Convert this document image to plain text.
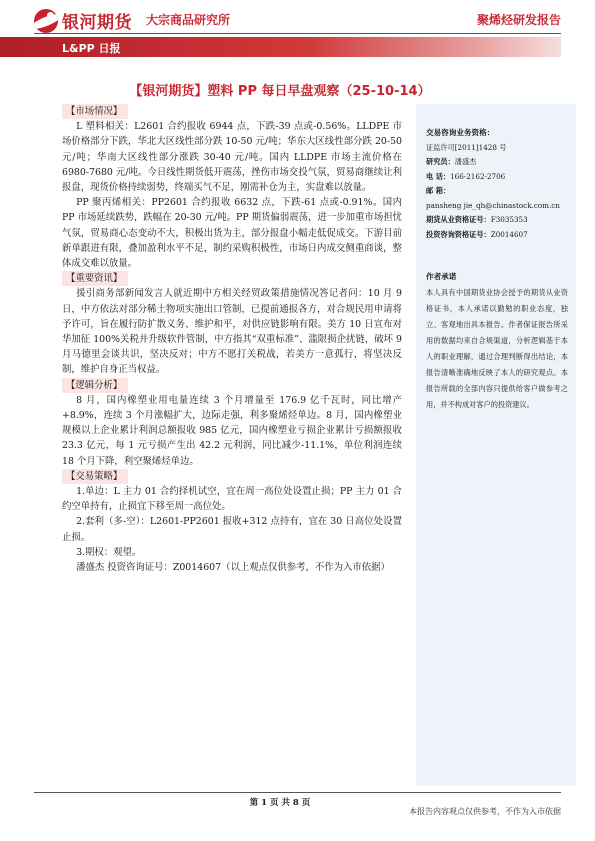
银河期货 大宗商品研究所	聚烯烃研发报告
L&PP 日报
【银河期货】塑料 PP 每日早盘观察（25-10-14）

【市场情况】

L 塑料相关：L2601 合约报收 6944 点，下跌-39 点或-0.56%。LLDPE 市场价格部分下跌，华北大区线性部分跌 10-50 元/吨；华东大区线性部分跌 20-50 元/吨；华南大区线性部分涨跌 30-40 元/吨。国内 LLDPE 市场主流价格在 6980-7680 元/吨。今日线性期货低开震荡，挫伤市场交投气氛，贸易商继续让利报盘，现货价格持续弱势，终端买气不足，刚需补仓为主，实盘难以放量。

PP 聚丙烯相关：PP2601 合约报收 6632 点，下跌-61 点或-0.91%。国内 PP 市场延续跌势，跌幅在 20-30 元/吨。PP 期货偏弱震荡，进一步加重市场担忧气氛，贸易商心态变动不大，积极出货为主，部分报盘小幅走低促成交。下游目前新单跟进有限，叠加盈利水平不足，制约采购积极性，市场日内成交侧重商谈，整体成交难以放量。

【重要资讯】

援引商务部新闻发言人就近期中方相关经贸政策措施情况答记者问：10 月 9 日，中方依法对部分稀土物项实施出口管制，已提前通报各方，对合规民用申请将予许可，旨在履行防扩散义务、维护和平，对供应链影响有限。美方 10 日宣布对华加征 100%关税并升级软件管制，中方指其“双重标准”、滥限损企扰链，破坏 9 月马德里会谈共识，坚决反对；中方不愿打关税战，若美方一意孤行，将坚决反制，维护自身正当权益。

【逻辑分析】

8 月，国内橡塑业用电量连续 3 个月增量至 176.9 亿千瓦时，同比增产+8.9%，连续 3 个月涨幅扩大，边际走强，利多聚烯烃单边。8 月，国内橡塑业规模以上企业累计利润总额报收 985 亿元，国内橡塑业亏损企业累计亏损额报收 23.3 亿元，每 1 元亏损产生出 42.2 元利润，同比减少-11.1%，单位利润连续 18 个月下降，利空聚烯烃单边。

【交易策略】

1.单边：L 主力 01 合约择机试空，宜在周一高位处设置止损；PP 主力 01 合约空单持有，止损宜下移至周一高位处。

2.套利（多-空）：L2601-PP2601 报收+312 点持有，宜在 30 日高位处设置止损。

3.期权：观望。

潘盛杰 投资咨询证号：Z0014607（以上观点仅供参考，不作为入市依据）

交易咨询业务资格：

证监许可[2011]1428 号

研究员：潘盛杰

电 话：166-2162-2706

邮 箱：

pansheng jie_qh@chinastock.com.cn

期货从业资格证号：F3035353

投资咨询资格证号：Z0014607

作者承诺

本人具有中国期货业协会授予的期货从业资格证书，本人承诺以勤勉的职业态度，独立、客观地出具本报告。作者保证报告所采用的数据均来自合规渠道，分析逻辑基于本人的职业理解，通过合理判断得出结论，本报告清晰准确地反映了本人的研究观点。本报告所载的全部内容只提供给客户做参考之用，并不构成对客户的投资建议。

第 1 页 共 8 页
本报告内容观点仅供参考，不作为入市依据
